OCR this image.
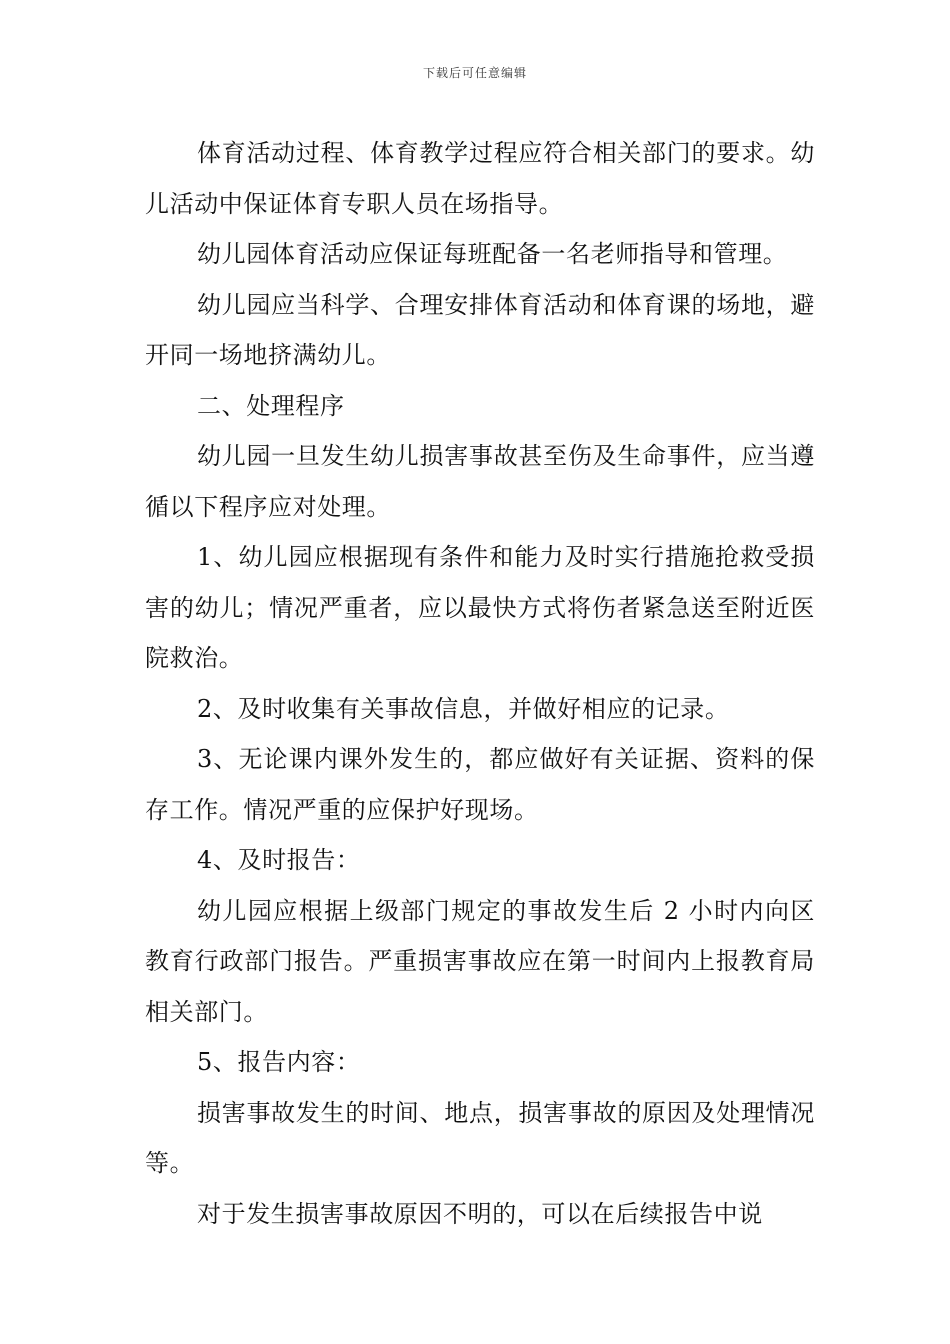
下载后可任意编辑

体育活动过程、体育教学过程应符合相关部门的要求。幼儿活动中保证体育专职人员在场指导。

幼儿园体育活动应保证每班配备一名老师指导和管理。

幼儿园应当科学、合理安排体育活动和体育课的场地，避开同一场地挤满幼儿。

二、处理程序

幼儿园一旦发生幼儿损害事故甚至伤及生命事件，应当遵循以下程序应对处理。

1、幼儿园应根据现有条件和能力及时实行措施抢救受损害的幼儿；情况严重者，应以最快方式将伤者紧急送至附近医院救治。

2、及时收集有关事故信息，并做好相应的记录。

3、无论课内课外发生的，都应做好有关证据、资料的保存工作。情况严重的应保护好现场。

4、及时报告：

幼儿园应根据上级部门规定的事故发生后 2 小时内向区教育行政部门报告。严重损害事故应在第一时间内上报教育局相关部门。

5、报告内容：

损害事故发生的时间、地点，损害事故的原因及处理情况等。

对于发生损害事故原因不明的，可以在后续报告中说
